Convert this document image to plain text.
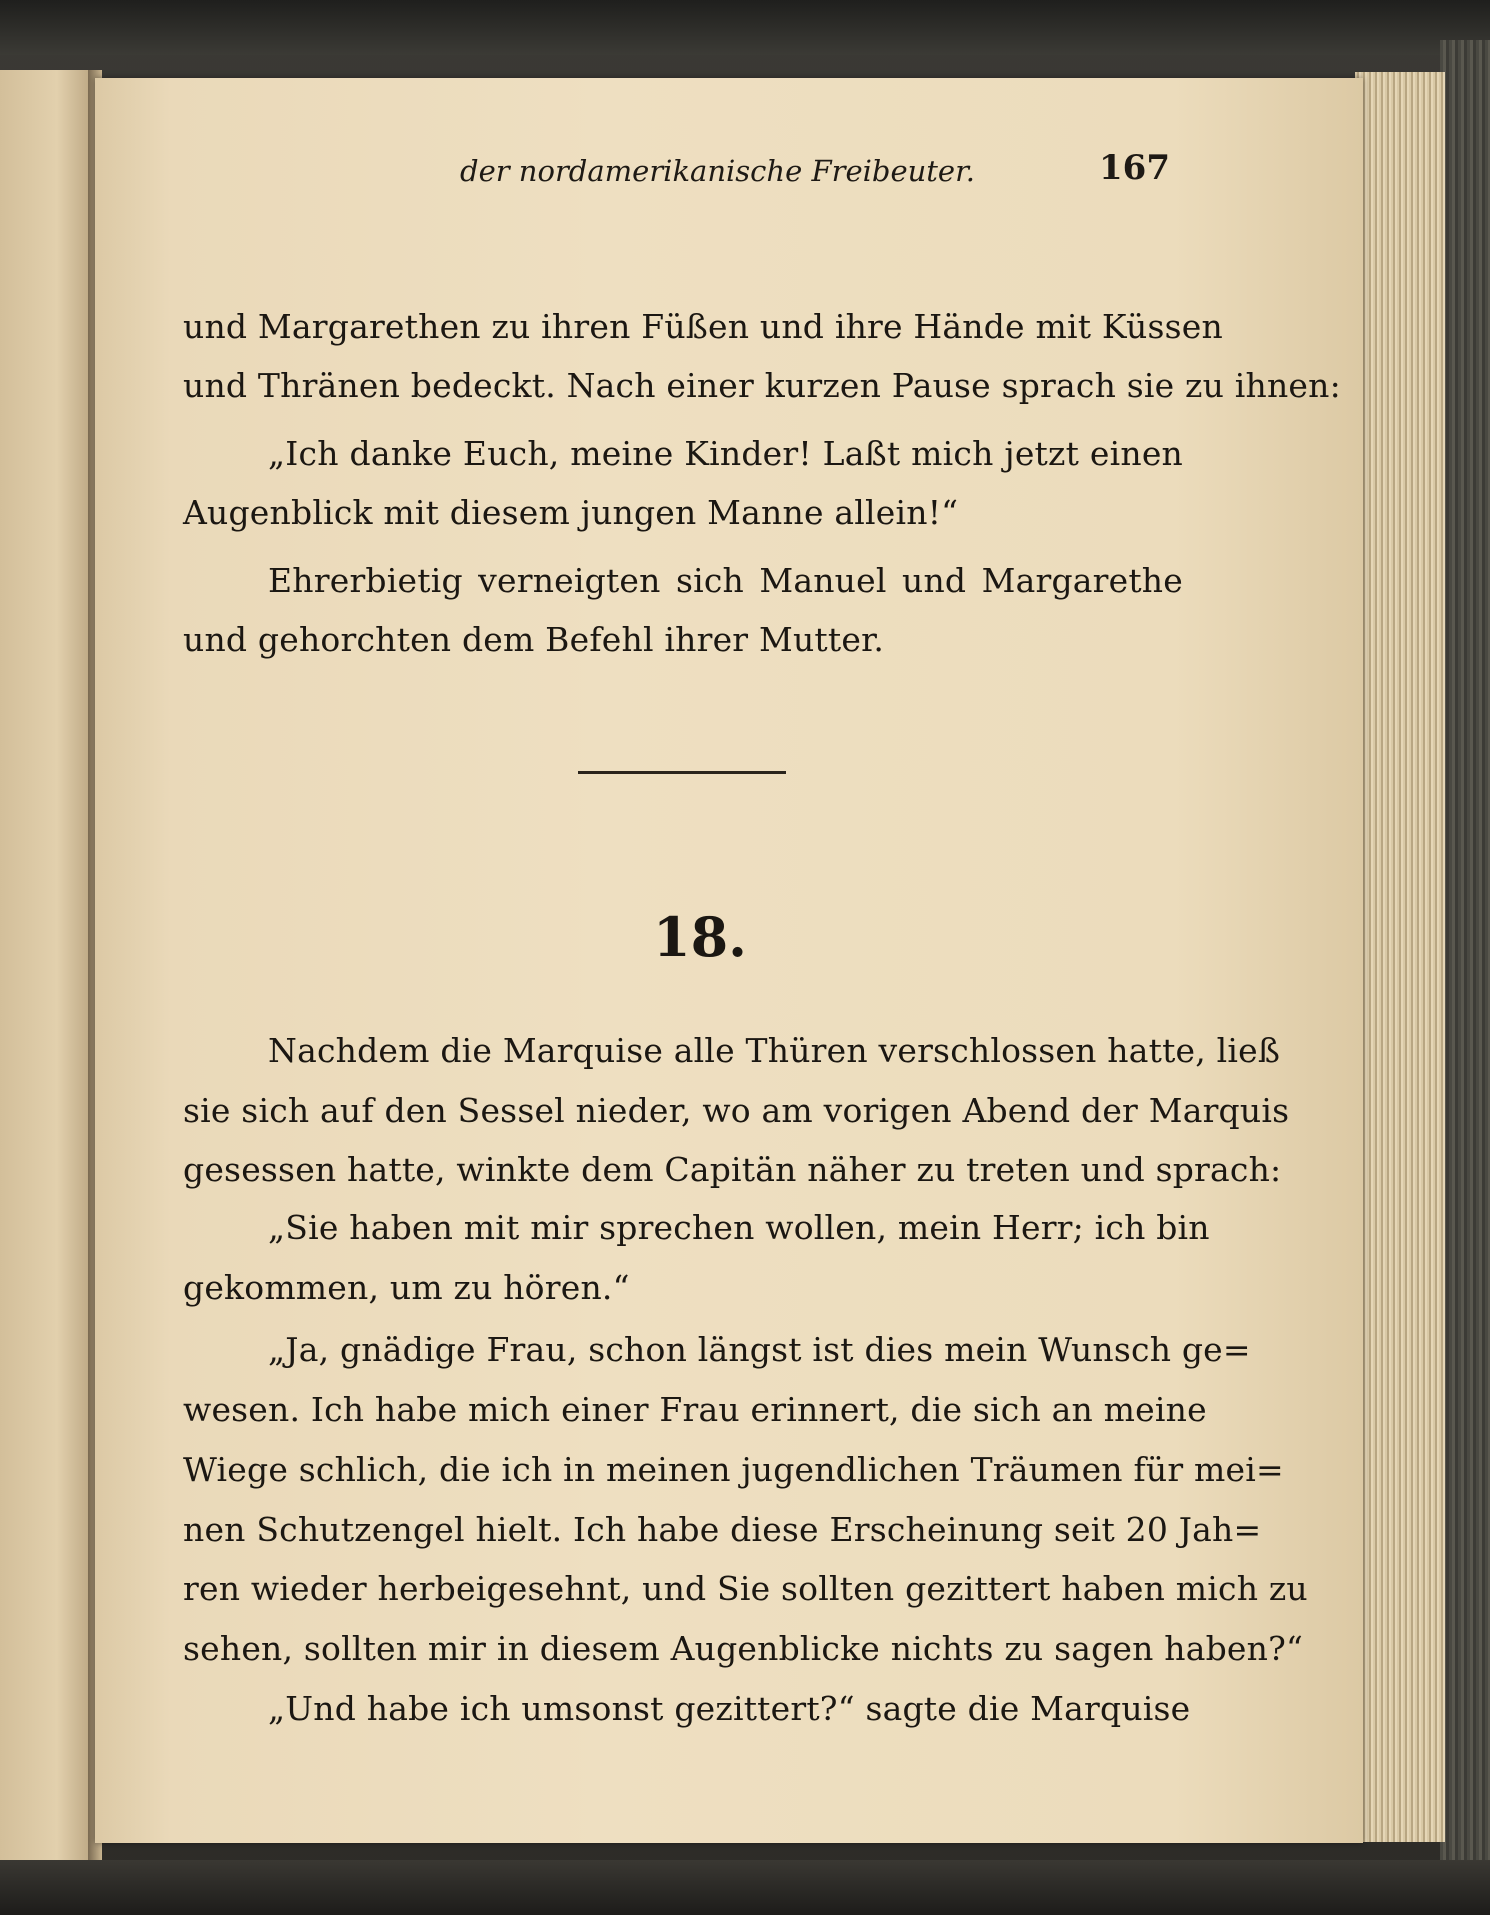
der nordamerikanische Freibeuter.	167
und Margarethen zu ihren Füßen und ihre Hände mit Küssen
und Thränen bedeckt. Nach einer kurzen Pause sprach sie zu ihnen:
„Ich danke Euch, meine Kinder! Laßt mich jetzt einen
Augenblick mit diesem jungen Manne allein!“
Ehrerbietig verneigten sich Manuel und Margarethe
und gehorchten dem Befehl ihrer Mutter.
18.
Nachdem die Marquise alle Thüren verschlossen hatte, ließ
sie sich auf den Sessel nieder, wo am vorigen Abend der Marquis
gesessen hatte, winkte dem Capitän näher zu treten und sprach:
„Sie haben mit mir sprechen wollen, mein Herr; ich bin
gekommen, um zu hören.“
„Ja, gnädige Frau, schon längst ist dies mein Wunsch ge=
wesen. Ich habe mich einer Frau erinnert, die sich an meine
Wiege schlich, die ich in meinen jugendlichen Träumen für mei=
nen Schutzengel hielt. Ich habe diese Erscheinung seit 20 Jah=
ren wieder herbeigesehnt, und Sie sollten gezittert haben mich zu
sehen, sollten mir in diesem Augenblicke nichts zu sagen haben?“
„Und habe ich umsonst gezittert?“ sagte die Marquise
